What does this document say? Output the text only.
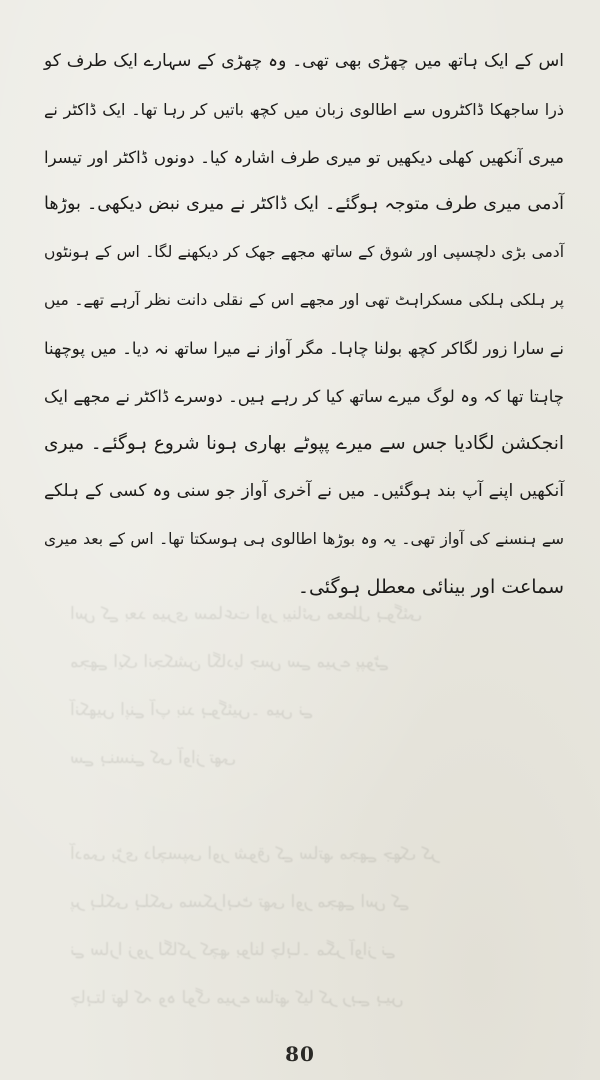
اس کے بعد میری سماعت اور بینائی معطل ہوگئی
مجھے ایک انجکشن لگادیا جس سے میرے پپوٹے
آنکھیں اپنے آپ بند ہوگئیں۔ میں نے
سے ہنسنے کی آواز تھی

آدمی بڑی دلچسپی اور شوق کے ساتھ مجھے جھک کر
پر ہلکی ہلکی مسکراہٹ تھی اور مجھے اس کے
نے سارا زور لگاکر کچھ بولنا چاہا۔ مگر آواز نے
چاہتا تھا کہ وہ لوگ میرے ساتھ کیا کر رہے ہیں
اس کے ایک ہاتھ میں چھڑی بھی تھی۔ وہ چھڑی کے سہارے ایک طرف کو
ذرا ساجھکا ڈاکٹروں سے اطالوی زبان میں کچھ باتیں کر رہا تھا۔ ایک ڈاکٹر نے
میری آنکھیں کھلی دیکھیں تو میری طرف اشارہ کیا۔ دونوں ڈاکٹر اور تیسرا
آدمی میری طرف متوجہ ہوگئے۔ ایک ڈاکٹر نے میری نبض دیکھی۔ بوڑھا
آدمی بڑی دلچسپی اور شوق کے ساتھ مجھے جھک کر دیکھنے لگا۔ اس کے ہونٹوں
پر ہلکی ہلکی مسکراہٹ تھی اور مجھے اس کے نقلی دانت نظر آرہے تھے۔ میں
نے سارا زور لگاکر کچھ بولنا چاہا۔ مگر آواز نے میرا ساتھ نہ دیا۔ میں پوچھنا
چاہتا تھا کہ وہ لوگ میرے ساتھ کیا کر رہے ہیں۔ دوسرے ڈاکٹر نے مجھے ایک
انجکشن لگادیا جس سے میرے پپوٹے بھاری ہونا شروع ہوگئے۔ میری
آنکھیں اپنے آپ بند ہوگئیں۔ میں نے آخری آواز جو سنی وہ کسی کے ہلکے
سے ہنسنے کی آواز تھی۔ یہ وہ بوڑھا اطالوی ہی ہوسکتا تھا۔ اس کے بعد میری
سماعت اور بینائی معطل ہوگئی۔
80
